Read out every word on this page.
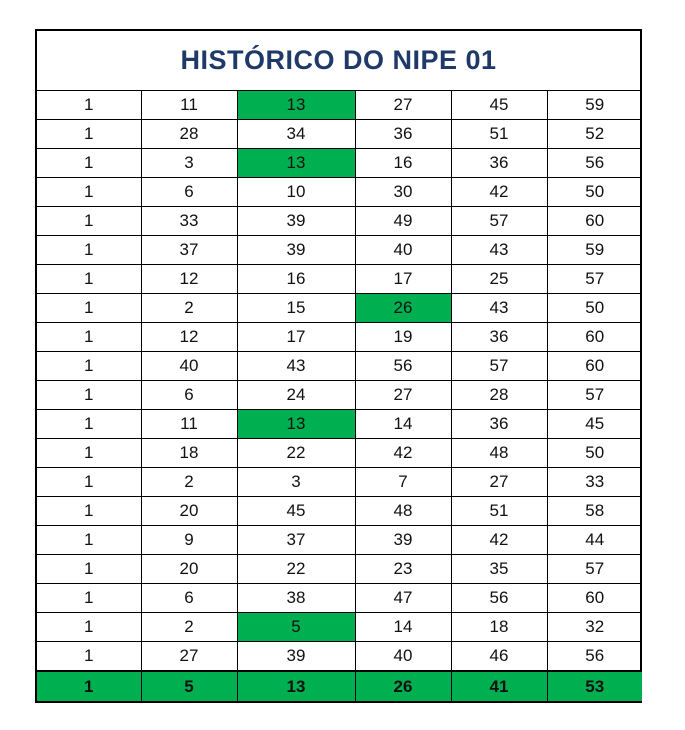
HISTÓRICO DO NIPE 01
1	11	13	27	45	59
1	28	34	36	51	52
1	3	13	16	36	56
1	6	10	30	42	50
1	33	39	49	57	60
1	37	39	40	43	59
1	12	16	17	25	57
1	2	15	26	43	50
1	12	17	19	36	60
1	40	43	56	57	60
1	6	24	27	28	57
1	11	13	14	36	45
1	18	22	42	48	50
1	2	3	7	27	33
1	20	45	48	51	58
1	9	37	39	42	44
1	20	22	23	35	57
1	6	38	47	56	60
1	2	5	14	18	32
1	27	39	40	46	56
1	5	13	26	41	53
